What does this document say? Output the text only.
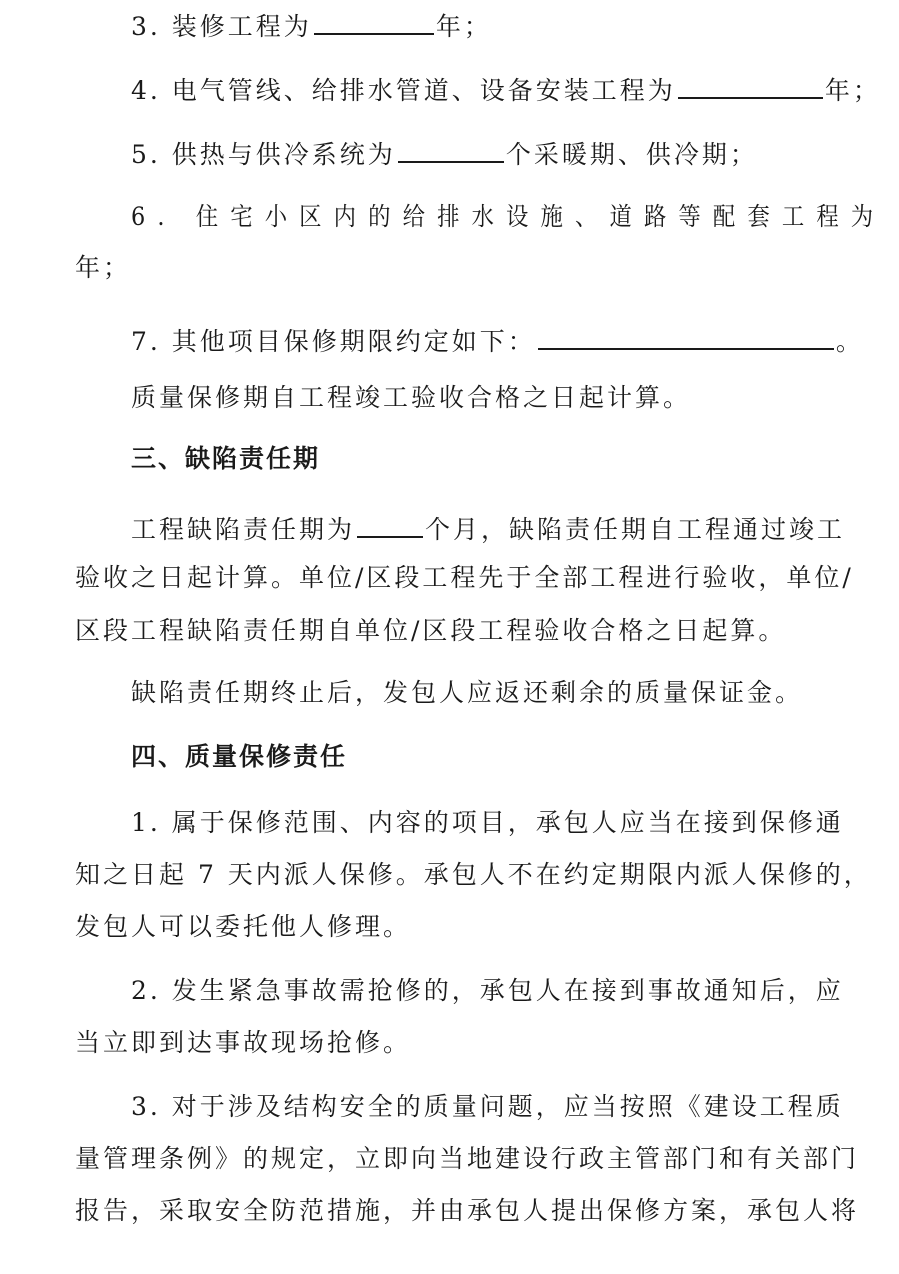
3. 装修工程为	年；
4. 电气管线、给排水管道、设备安装工程为	年；
5. 供热与供冷系统为	个采暖期、供冷期；
6. 住宅小区内的给排水设施、道路等配套工程为
年；
7. 其他项目保修期限约定如下：	。
质量保修期自工程竣工验收合格之日起计算。
三、缺陷责任期
工程缺陷责任期为	个月，缺陷责任期自工程通过竣工
验收之日起计算。单位/区段工程先于全部工程进行验收，单位/
区段工程缺陷责任期自单位/区段工程验收合格之日起算。
缺陷责任期终止后，发包人应返还剩余的质量保证金。
四、质量保修责任
1. 属于保修范围、内容的项目，承包人应当在接到保修通
知之日起 7 天内派人保修。承包人不在约定期限内派人保修的，
发包人可以委托他人修理。
2. 发生紧急事故需抢修的，承包人在接到事故通知后，应
当立即到达事故现场抢修。
3. 对于涉及结构安全的质量问题，应当按照《建设工程质
量管理条例》的规定，立即向当地建设行政主管部门和有关部门
报告，采取安全防范措施，并由承包人提出保修方案，承包人将
